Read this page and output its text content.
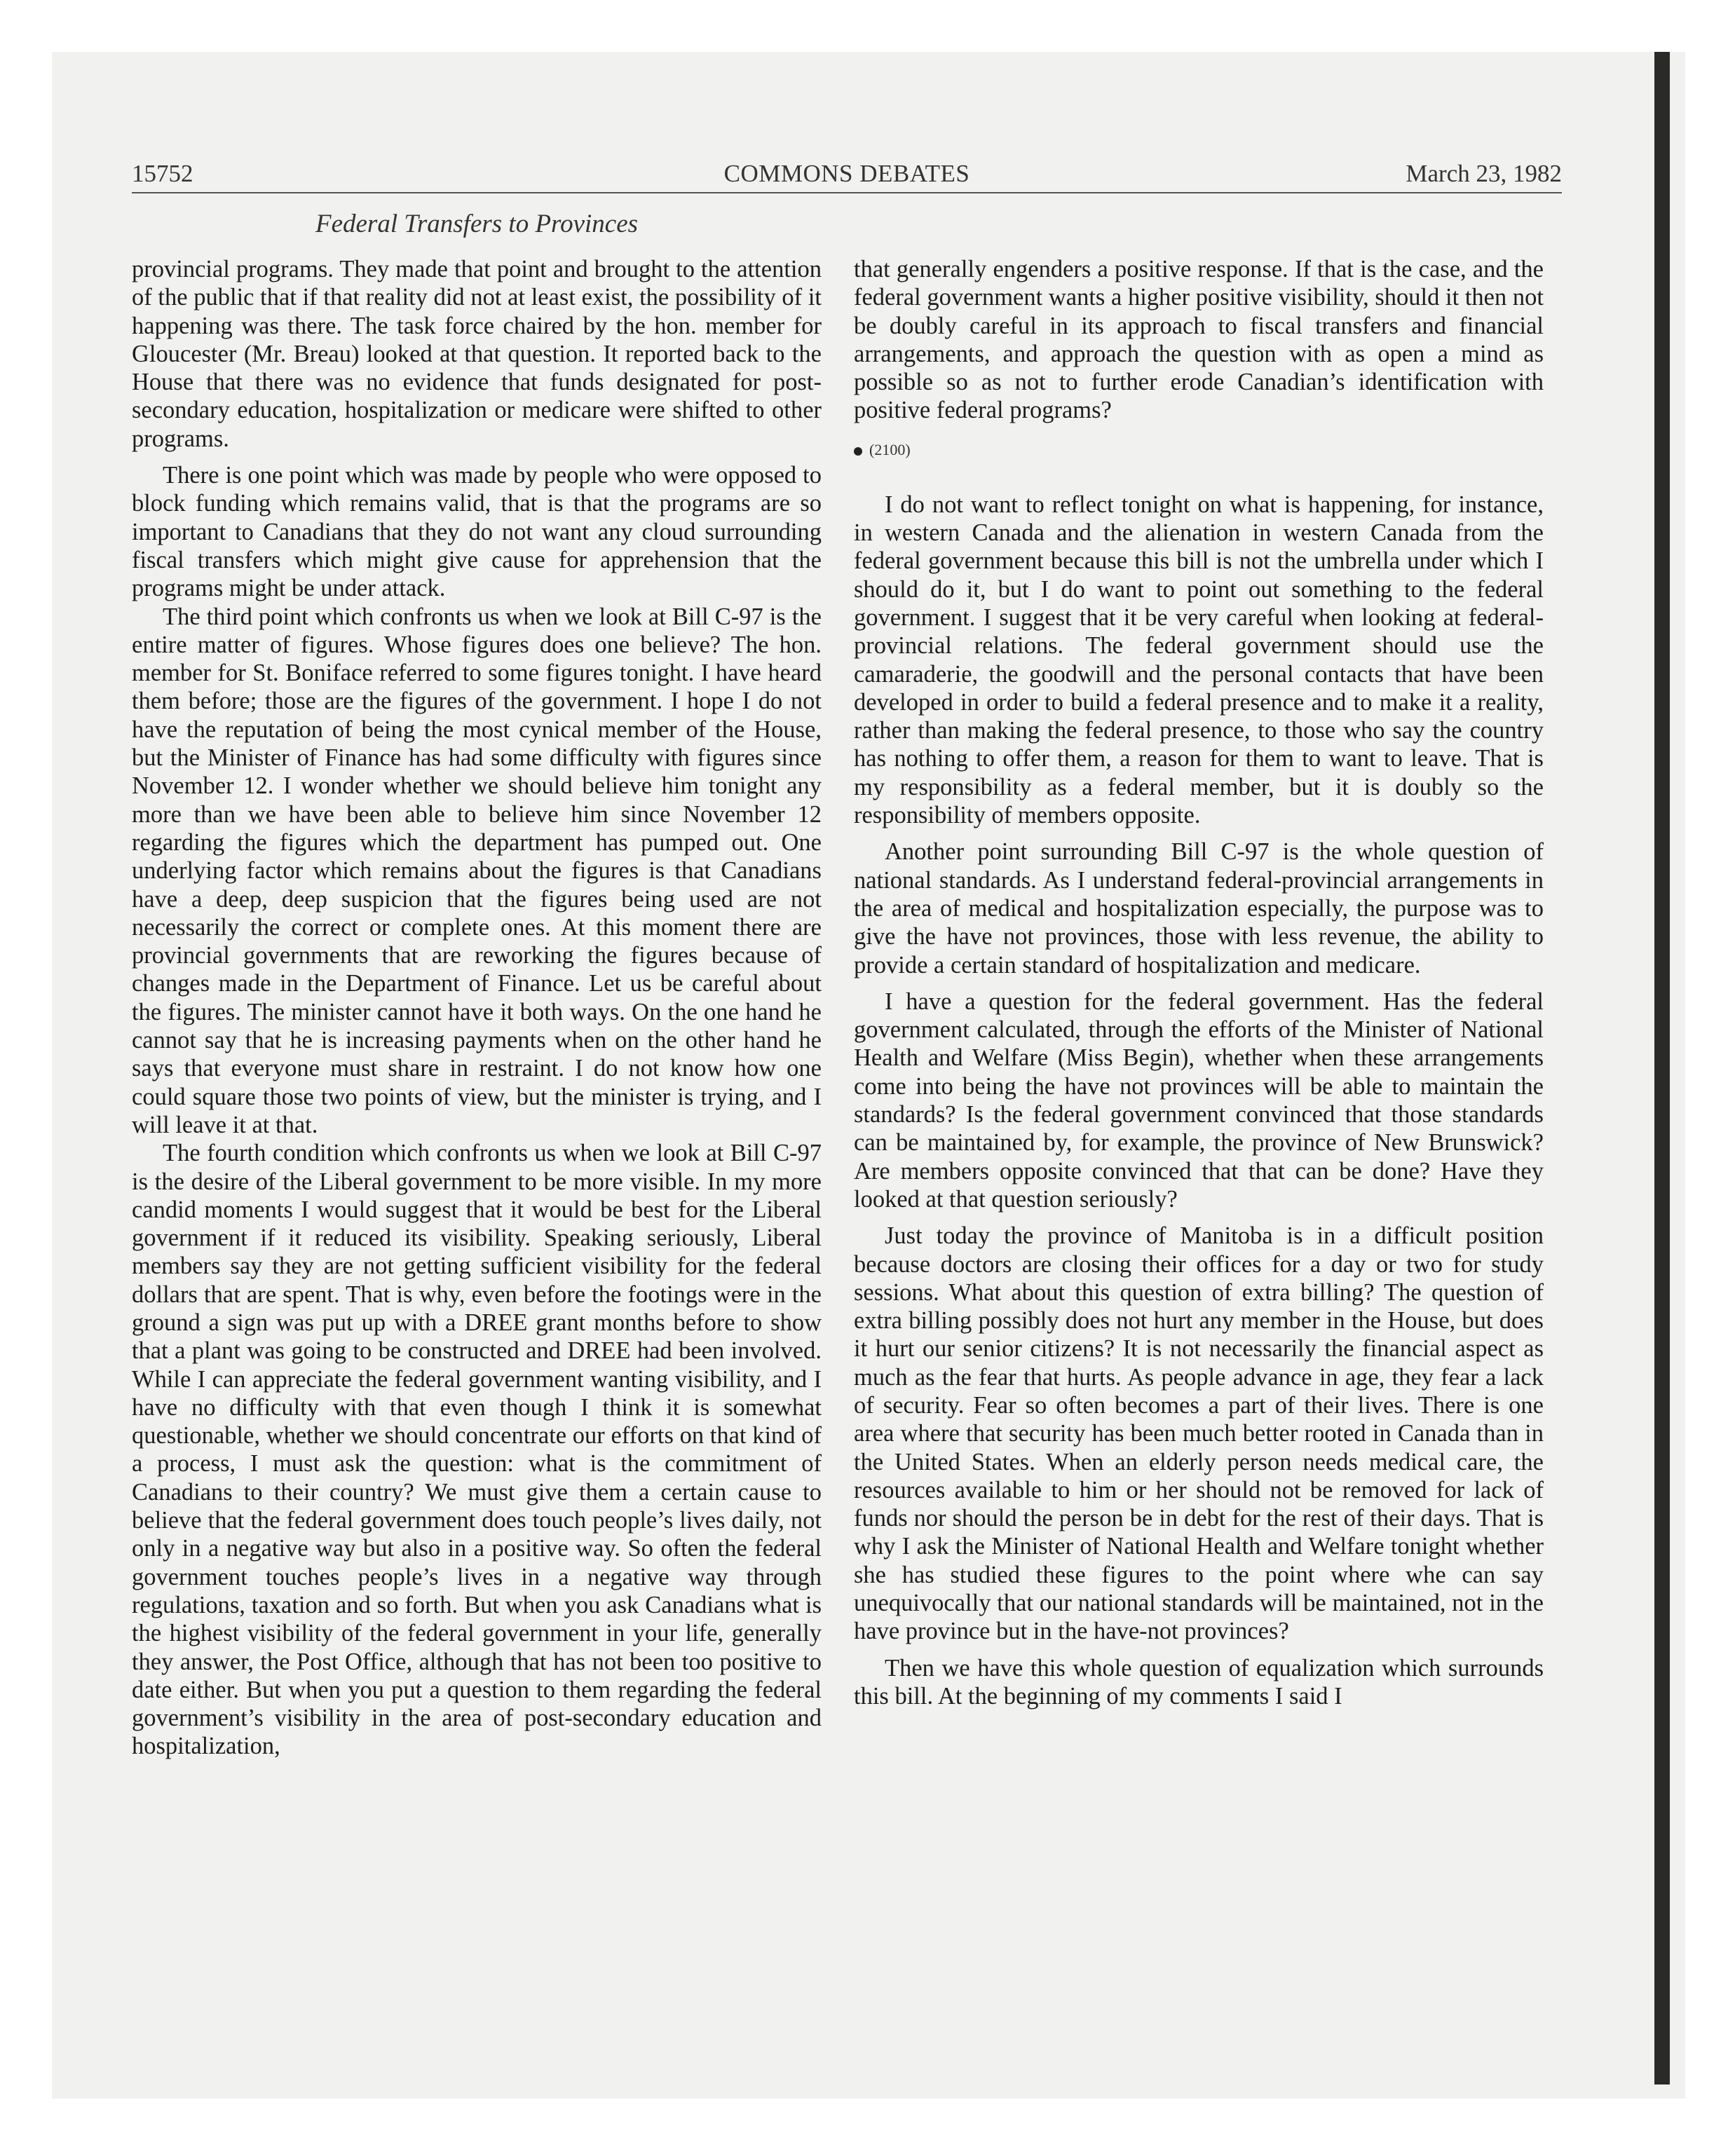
15752	COMMONS DEBATES	March 23, 1982
Federal Transfers to Provinces

provincial programs. They made that point and brought to the attention of the public that if that reality did not at least exist, the possibility of it happening was there. The task force chaired by the hon. member for Gloucester (Mr. Breau) looked at that question. It reported back to the House that there was no evidence that funds designated for post-secondary education, hospitalization or medicare were shifted to other programs.

There is one point which was made by people who were opposed to block funding which remains valid, that is that the programs are so important to Canadians that they do not want any cloud surrounding fiscal transfers which might give cause for apprehension that the programs might be under attack.

The third point which confronts us when we look at Bill C-97 is the entire matter of figures. Whose figures does one believe? The hon. member for St. Boniface referred to some figures tonight. I have heard them before; those are the figures of the government. I hope I do not have the reputation of being the most cynical member of the House, but the Minister of Finance has had some difficulty with figures since November 12. I wonder whether we should believe him tonight any more than we have been able to believe him since November 12 regarding the figures which the department has pumped out. One underlying factor which remains about the figures is that Canadians have a deep, deep suspicion that the figures being used are not necessarily the correct or complete ones. At this moment there are provincial governments that are reworking the figures because of changes made in the Department of Finance. Let us be careful about the figures. The minister cannot have it both ways. On the one hand he cannot say that he is increasing payments when on the other hand he says that everyone must share in restraint. I do not know how one could square those two points of view, but the minister is trying, and I will leave it at that.

The fourth condition which confronts us when we look at Bill C-97 is the desire of the Liberal government to be more visible. In my more candid moments I would suggest that it would be best for the Liberal government if it reduced its visibility. Speaking seriously, Liberal members say they are not getting sufficient visibility for the federal dollars that are spent. That is why, even before the footings were in the ground a sign was put up with a DREE grant months before to show that a plant was going to be constructed and DREE had been involved. While I can appreciate the federal government wanting visibility, and I have no difficulty with that even though I think it is somewhat questionable, whether we should concentrate our efforts on that kind of a process, I must ask the question: what is the commitment of Canadians to their country? We must give them a certain cause to believe that the federal government does touch people’s lives daily, not only in a negative way but also in a positive way. So often the federal government touches people’s lives in a negative way through regulations, taxation and so forth. But when you ask Canadians what is the highest visibility of the federal government in your life, generally they answer, the Post Office, although that has not been too positive to date either. But when you put a question to them regarding the federal government’s visibility in the area of post-secondary education and hospitalization,

that generally engenders a positive response. If that is the case, and the federal government wants a higher positive visibility, should it then not be doubly careful in its approach to fiscal transfers and financial arrangements, and approach the question with as open a mind as possible so as not to further erode Canadian’s identification with positive federal programs?

(2100)

I do not want to reflect tonight on what is happening, for instance, in western Canada and the alienation in western Canada from the federal government because this bill is not the umbrella under which I should do it, but I do want to point out something to the federal government. I suggest that it be very careful when looking at federal-provincial relations. The federal government should use the camaraderie, the goodwill and the personal contacts that have been developed in order to build a federal presence and to make it a reality, rather than making the federal presence, to those who say the country has nothing to offer them, a reason for them to want to leave. That is my responsibility as a federal member, but it is doubly so the responsibility of members opposite.

Another point surrounding Bill C-97 is the whole question of national standards. As I understand federal-provincial arrangements in the area of medical and hospitalization especially, the purpose was to give the have not provinces, those with less revenue, the ability to provide a certain standard of hospitalization and medicare.

I have a question for the federal government. Has the federal government calculated, through the efforts of the Minister of National Health and Welfare (Miss Begin), whether when these arrangements come into being the have not provinces will be able to maintain the standards? Is the federal government convinced that those standards can be maintained by, for example, the province of New Brunswick? Are members opposite convinced that that can be done? Have they looked at that question seriously?

Just today the province of Manitoba is in a difficult position because doctors are closing their offices for a day or two for study sessions. What about this question of extra billing? The question of extra billing possibly does not hurt any member in the House, but does it hurt our senior citizens? It is not necessarily the financial aspect as much as the fear that hurts. As people advance in age, they fear a lack of security. Fear so often becomes a part of their lives. There is one area where that security has been much better rooted in Canada than in the United States. When an elderly person needs medical care, the resources available to him or her should not be removed for lack of funds nor should the person be in debt for the rest of their days. That is why I ask the Minister of National Health and Welfare tonight whether she has studied these figures to the point where whe can say unequivocally that our national standards will be maintained, not in the have province but in the have-not provinces?

Then we have this whole question of equalization which surrounds this bill. At the beginning of my comments I said I
